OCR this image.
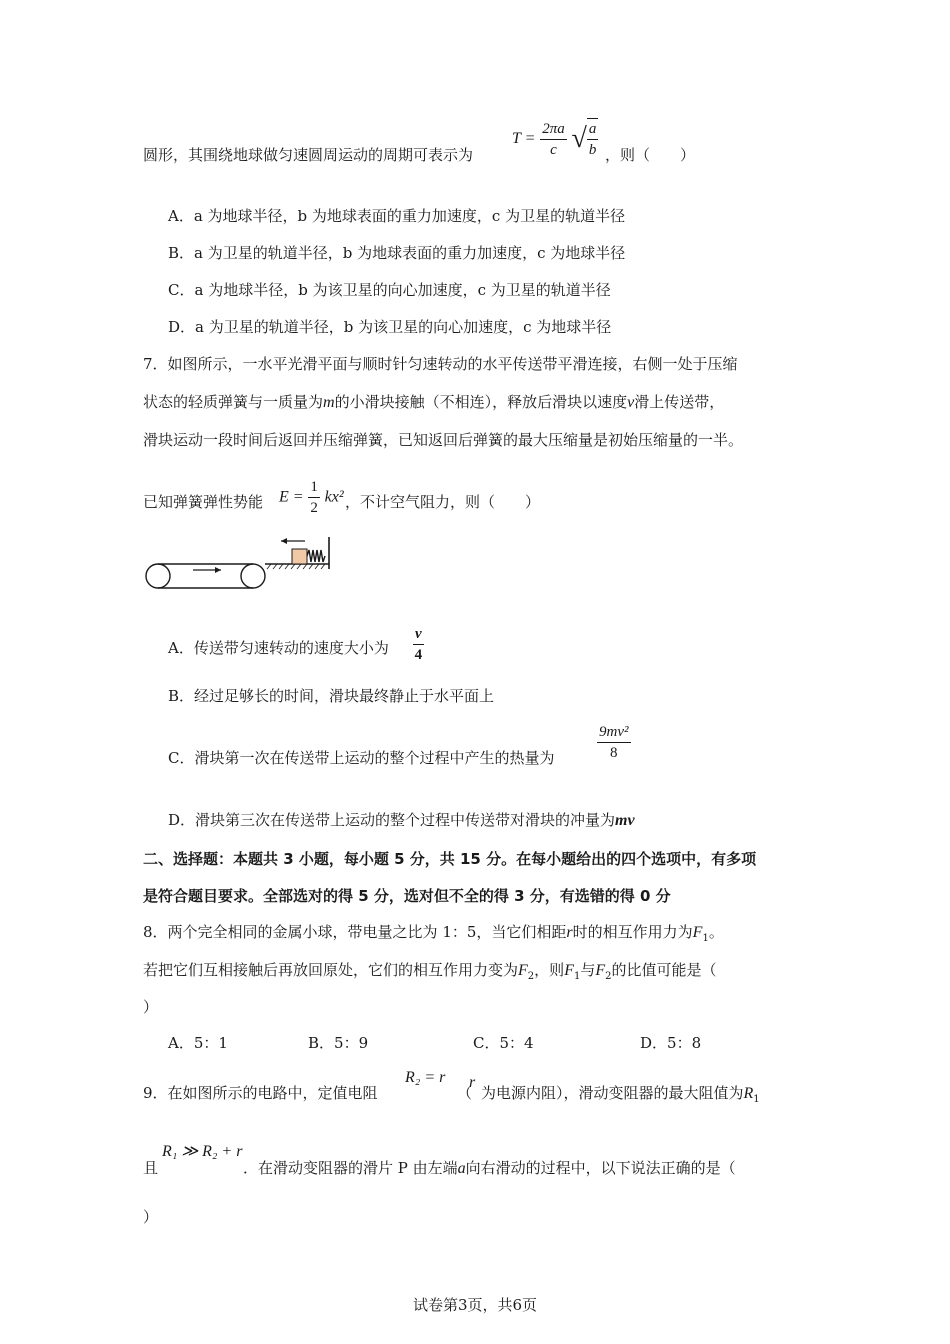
圆形，其围绕地球做匀速圆周运动的周期可表示为
$T = \frac{2\pi a}{c}$ √ $\frac{a}{b}$ ，则（　　）
A．a 为地球半径，b 为地球表面的重力加速度，c 为卫星的轨道半径
B．a 为卫星的轨道半径，b 为地球表面的重力加速度，c 为地球半径
C．a 为地球半径，b 为该卫星的向心加速度，c 为卫星的轨道半径
D．a 为卫星的轨道半径，b 为该卫星的向心加速度，c 为地球半径
7．如图所示，一水平光滑平面与顺时针匀速转动的水平传送带平滑连接，右侧一处于压缩
状态的轻质弹簧与一质量为m的小滑块接触（不相连），释放后滑块以速度v滑上传送带，
滑块运动一段时间后返回并压缩弹簧，已知返回后弹簧的最大压缩量是初始压缩量的一半。
已知弹簧弹性势能 $E = \frac{1}{2} kx^2$ ，不计空气阻力，则（　　）
A．传送带匀速转动的速度大小为 $\frac{v}{4}$
B．经过足够长的时间，滑块最终静止于水平面上
C．滑块第一次在传送带上运动的整个过程中产生的热量为	$\frac{\text{9mv²}}{8}$
D．滑块第三次在传送带上运动的整个过程中传送带对滑块的冲量为mv
二、选择题：本题共 3 小题，每小题 5 分，共 15 分。在每小题给出的四个选项中，有多项
是符合题目要求。全部选对的得 5 分，选对但不全的得 3 分，有选错的得 0 分
8．两个完全相同的金属小球，带电量之比为 1：5，当它们相距r时的相互作用力为$F_1$。
若把它们互相接触后再放回原处，它们的相互作用力变为$F_2$，则$F_1$与$F_2$的比值可能是（
）
A．5：1	B．5：9	C．5：4	D．5：8
9．在如图所示的电路中，定值电阻
R₂ = r
（
r
为电源内阻），滑动变阻器的最大阻值为$R_1$
且
R₁ ≫ R₂ + r
．在滑动变阻器的滑片 P 由左端a向右滑动的过程中，以下说法正确的是（
）
试卷第3页，共6页
